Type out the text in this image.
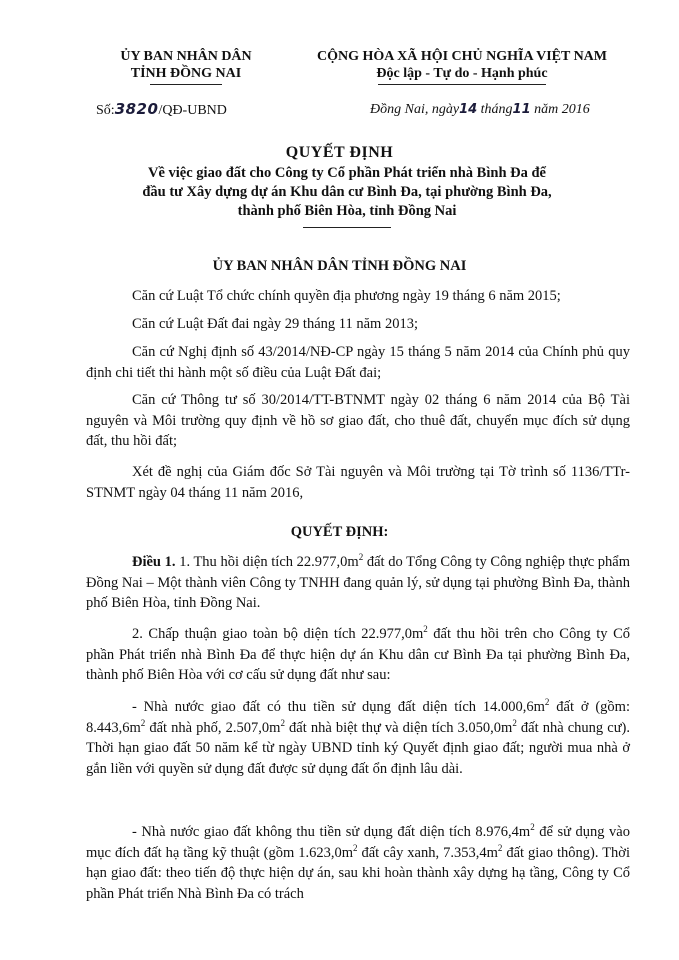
ỦY BAN NHÂN DÂN
TỈNH ĐỒNG NAI
CỘNG HÒA XÃ HỘI CHỦ NGHĨA VIỆT NAM
Độc lập - Tự do - Hạnh phúc
Số:3820/QĐ-UBND	Đồng Nai, ngày14 tháng11 năm 2016
QUYẾT ĐỊNH
Về việc giao đất cho Công ty Cổ phần Phát triển nhà Bình Đa để
đầu tư Xây dựng dự án Khu dân cư Bình Đa, tại phường Bình Đa,
thành phố Biên Hòa, tỉnh Đồng Nai
ỦY BAN NHÂN DÂN TỈNH ĐỒNG NAI
Căn cứ Luật Tổ chức chính quyền địa phương ngày 19 tháng 6 năm 2015;
Căn cứ Luật Đất đai ngày 29 tháng 11 năm 2013;
Căn cứ Nghị định số 43/2014/NĐ-CP ngày 15 tháng 5 năm 2014 của Chính phủ quy định chi tiết thi hành một số điều của Luật Đất đai;
Căn cứ Thông tư số 30/2014/TT-BTNMT ngày 02 tháng 6 năm 2014 của Bộ Tài nguyên và Môi trường quy định về hồ sơ giao đất, cho thuê đất, chuyển mục đích sử dụng đất, thu hồi đất;
Xét đề nghị của Giám đốc Sở Tài nguyên và Môi trường tại Tờ trình số 1136/TTr-STNMT ngày 04 tháng 11 năm 2016,
QUYẾT ĐỊNH:
Điều 1. 1. Thu hồi diện tích $22.977,0m^2$ đất do Tổng Công ty Công nghiệp thực phẩm Đồng Nai – Một thành viên Công ty TNHH đang quản lý, sử dụng tại phường Bình Đa, thành phố Biên Hòa, tỉnh Đồng Nai.
2. Chấp thuận giao toàn bộ diện tích $22.977,0m^2$ đất thu hồi trên cho Công ty Cổ phần Phát triển nhà Bình Đa để thực hiện dự án Khu dân cư Bình Đa tại phường Bình Đa, thành phố Biên Hòa với cơ cấu sử dụng đất như sau:
- Nhà nước giao đất có thu tiền sử dụng đất diện tích $14.000,6m^2$ đất ở (gồm: $8.443,6m^2$ đất nhà phố, $2.507,0m^2$ đất nhà biệt thự và diện tích $3.050,0m^2$ đất nhà chung cư). Thời hạn giao đất 50 năm kể từ ngày UBND tỉnh ký Quyết định giao đất; người mua nhà ở gắn liền với quyền sử dụng đất được sử dụng đất ổn định lâu dài.
- Nhà nước giao đất không thu tiền sử dụng đất diện tích $8.976,4m^2$ để sử dụng vào mục đích đất hạ tầng kỹ thuật (gồm $1.623,0m^2$ đất cây xanh, $7.353,4m^2$ đất giao thông). Thời hạn giao đất: theo tiến độ thực hiện dự án, sau khi hoàn thành xây dựng hạ tầng, Công ty Cổ phần Phát triển Nhà Bình Đa có trách
